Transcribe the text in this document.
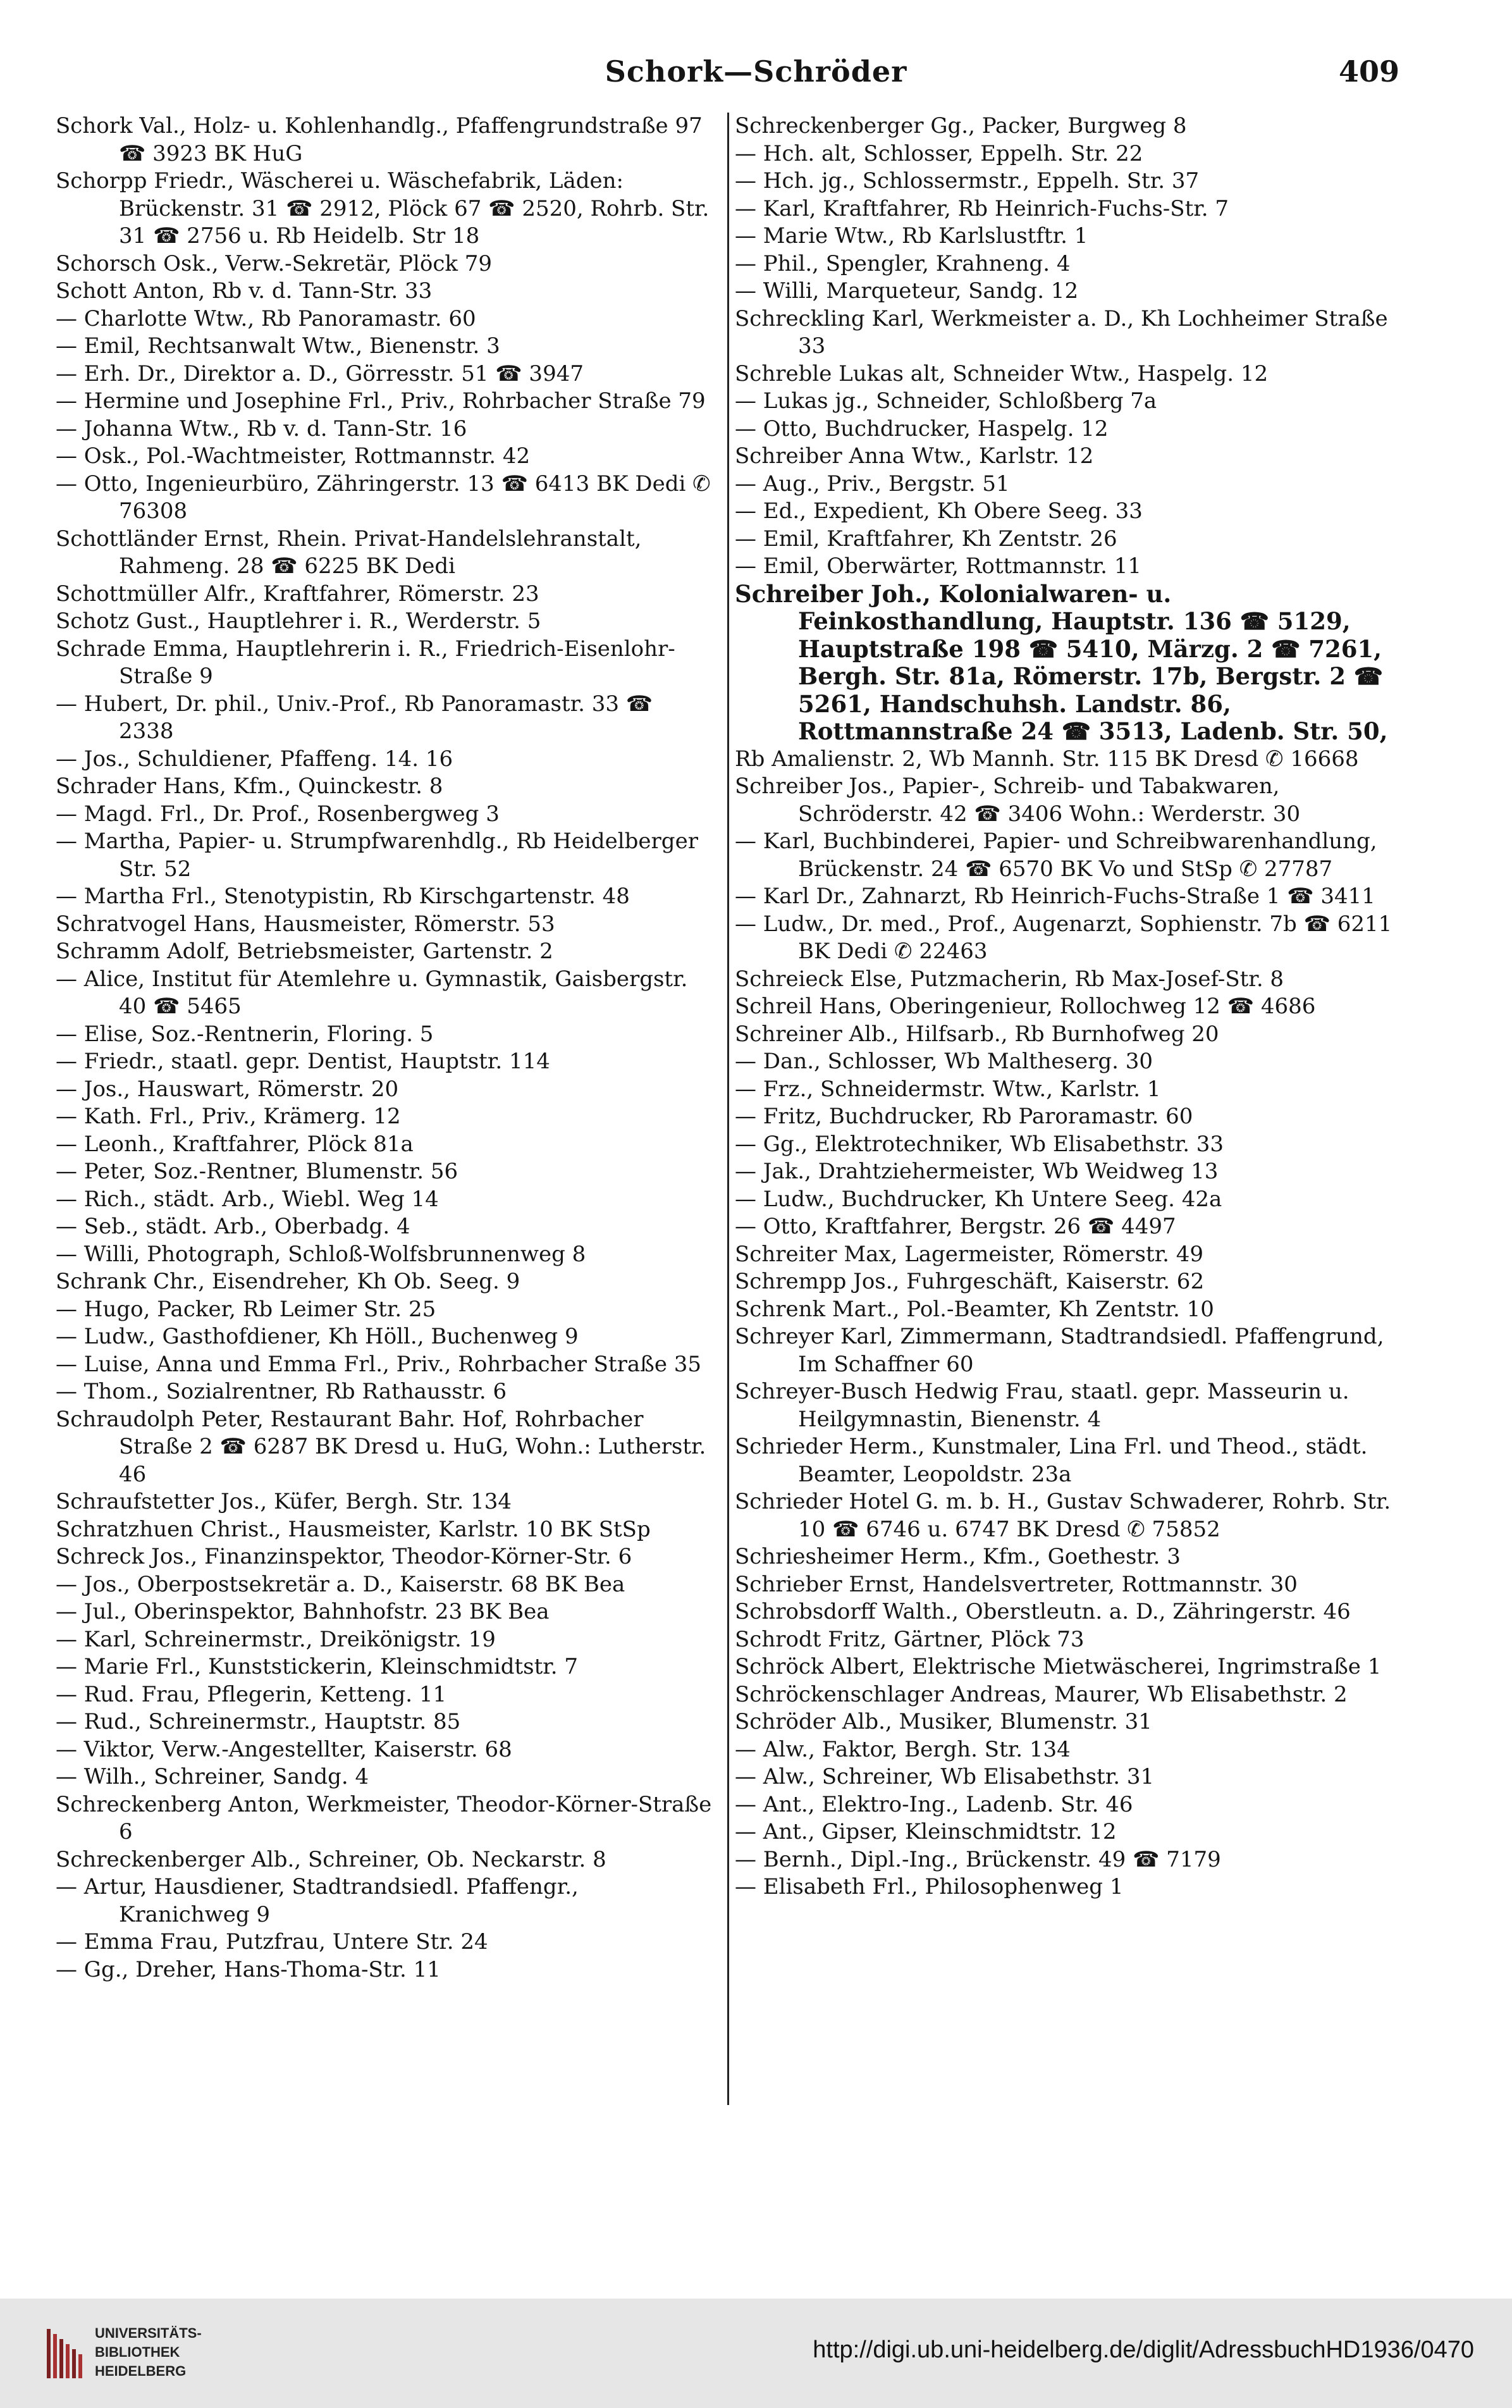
Schork—Schröder	409

Schork Val., Holz- u. Kohlenhandlg., Pfaffengrundstraße 97 ☎ 3923 BK HuG

Schorpp Friedr., Wäscherei u. Wäschefabrik, Läden: Brückenstr. 31 ☎ 2912, Plöck 67 ☎ 2520, Rohrb. Str. 31 ☎ 2756 u. Rb Heidelb. Str 18

Schorsch Osk., Verw.-Sekretär, Plöck 79

Schott Anton, Rb v. d. Tann-Str. 33

— Charlotte Wtw., Rb Panoramastr. 60

— Emil, Rechtsanwalt Wtw., Bienenstr. 3

— Erh. Dr., Direktor a. D., Görresstr. 51 ☎ 3947

— Hermine und Josephine Frl., Priv., Rohrbacher Straße 79

— Johanna Wtw., Rb v. d. Tann-Str. 16

— Osk., Pol.-Wachtmeister, Rottmannstr. 42

— Otto, Ingenieurbüro, Zähringerstr. 13 ☎ 6413 BK Dedi ✆ 76308

Schottländer Ernst, Rhein. Privat-Handelslehranstalt, Rahmeng. 28 ☎ 6225 BK Dedi

Schottmüller Alfr., Kraftfahrer, Römerstr. 23

Schotz Gust., Hauptlehrer i. R., Werderstr. 5

Schrade Emma, Hauptlehrerin i. R., Friedrich-Eisenlohr-Straße 9

— Hubert, Dr. phil., Univ.-Prof., Rb Panoramastr. 33 ☎ 2338

— Jos., Schuldiener, Pfaffeng. 14. 16

Schrader Hans, Kfm., Quinckestr. 8

— Magd. Frl., Dr. Prof., Rosenbergweg 3

— Martha, Papier- u. Strumpfwarenhdlg., Rb Heidelberger Str. 52

— Martha Frl., Stenotypistin, Rb Kirschgartenstr. 48

Schratvogel Hans, Hausmeister, Römerstr. 53

Schramm Adolf, Betriebsmeister, Gartenstr. 2

— Alice, Institut für Atemlehre u. Gymnastik, Gaisbergstr. 40 ☎ 5465

— Elise, Soz.-Rentnerin, Floring. 5

— Friedr., staatl. gepr. Dentist, Hauptstr. 114

— Jos., Hauswart, Römerstr. 20

— Kath. Frl., Priv., Krämerg. 12

— Leonh., Kraftfahrer, Plöck 81a

— Peter, Soz.-Rentner, Blumenstr. 56

— Rich., städt. Arb., Wiebl. Weg 14

— Seb., städt. Arb., Oberbadg. 4

— Willi, Photograph, Schloß-Wolfsbrunnenweg 8

Schrank Chr., Eisendreher, Kh Ob. Seeg. 9

— Hugo, Packer, Rb Leimer Str. 25

— Ludw., Gasthofdiener, Kh Höll., Buchenweg 9

— Luise, Anna und Emma Frl., Priv., Rohrbacher Straße 35

— Thom., Sozialrentner, Rb Rathausstr. 6

Schraudolph Peter, Restaurant Bahr. Hof, Rohrbacher Straße 2 ☎ 6287 BK Dresd u. HuG, Wohn.: Lutherstr. 46

Schraufstetter Jos., Küfer, Bergh. Str. 134

Schratzhuen Christ., Hausmeister, Karlstr. 10 BK StSp

Schreck Jos., Finanzinspektor, Theodor-Körner-Str. 6

— Jos., Oberpostsekretär a. D., Kaiserstr. 68 BK Bea

— Jul., Oberinspektor, Bahnhofstr. 23 BK Bea

— Karl, Schreinermstr., Dreikönigstr. 19

— Marie Frl., Kunststickerin, Kleinschmidtstr. 7

— Rud. Frau, Pflegerin, Ketteng. 11

— Rud., Schreinermstr., Hauptstr. 85

— Viktor, Verw.-Angestellter, Kaiserstr. 68

— Wilh., Schreiner, Sandg. 4

Schreckenberg Anton, Werkmeister, Theodor-Körner-Straße 6

Schreckenberger Alb., Schreiner, Ob. Neckarstr. 8

— Artur, Hausdiener, Stadtrandsiedl. Pfaffengr., Kranichweg 9

— Emma Frau, Putzfrau, Untere Str. 24

— Gg., Dreher, Hans-Thoma-Str. 11

Schreckenberger Gg., Packer, Burgweg 8

— Hch. alt, Schlosser, Eppelh. Str. 22

— Hch. jg., Schlossermstr., Eppelh. Str. 37

— Karl, Kraftfahrer, Rb Heinrich-Fuchs-Str. 7

— Marie Wtw., Rb Karlslustftr. 1

— Phil., Spengler, Krahneng. 4

— Willi, Marqueteur, Sandg. 12

Schreckling Karl, Werkmeister a. D., Kh Lochheimer Straße 33

Schreble Lukas alt, Schneider Wtw., Haspelg. 12

— Lukas jg., Schneider, Schloßberg 7a

— Otto, Buchdrucker, Haspelg. 12

Schreiber Anna Wtw., Karlstr. 12

— Aug., Priv., Bergstr. 51

— Ed., Expedient, Kh Obere Seeg. 33

— Emil, Kraftfahrer, Kh Zentstr. 26

— Emil, Oberwärter, Rottmannstr. 11

Schreiber Joh., Kolonialwaren- u. Feinkosthandlung, Hauptstr. 136 ☎ 5129, Hauptstraße 198 ☎ 5410, Märzg. 2 ☎ 7261, Bergh. Str. 81a, Römerstr. 17b, Bergstr. 2 ☎ 5261, Handschuhsh. Landstr. 86, Rottmannstraße 24 ☎ 3513, Ladenb. Str. 50,

Rb Amalienstr. 2, Wb Mannh. Str. 115 BK Dresd ✆ 16668

Schreiber Jos., Papier-, Schreib- und Tabakwaren, Schröderstr. 42 ☎ 3406 Wohn.: Werderstr. 30

— Karl, Buchbinderei, Papier- und Schreibwarenhandlung, Brückenstr. 24 ☎ 6570 BK Vo und StSp ✆ 27787

— Karl Dr., Zahnarzt, Rb Heinrich-Fuchs-Straße 1 ☎ 3411

— Ludw., Dr. med., Prof., Augenarzt, Sophienstr. 7b ☎ 6211 BK Dedi ✆ 22463

Schreieck Else, Putzmacherin, Rb Max-Josef-Str. 8

Schreil Hans, Oberingenieur, Rollochweg 12 ☎ 4686

Schreiner Alb., Hilfsarb., Rb Burnhofweg 20

— Dan., Schlosser, Wb Maltheserg. 30

— Frz., Schneidermstr. Wtw., Karlstr. 1

— Fritz, Buchdrucker, Rb Paroramastr. 60

— Gg., Elektrotechniker, Wb Elisabethstr. 33

— Jak., Drahtziehermeister, Wb Weidweg 13

— Ludw., Buchdrucker, Kh Untere Seeg. 42a

— Otto, Kraftfahrer, Bergstr. 26 ☎ 4497

Schreiter Max, Lagermeister, Römerstr. 49

Schrempp Jos., Fuhrgeschäft, Kaiserstr. 62

Schrenk Mart., Pol.-Beamter, Kh Zentstr. 10

Schreyer Karl, Zimmermann, Stadtrandsiedl. Pfaffengrund, Im Schaffner 60

Schreyer-Busch Hedwig Frau, staatl. gepr. Masseurin u. Heilgymnastin, Bienenstr. 4

Schrieder Herm., Kunstmaler, Lina Frl. und Theod., städt. Beamter, Leopoldstr. 23a

Schrieder Hotel G. m. b. H., Gustav Schwaderer, Rohrb. Str. 10 ☎ 6746 u. 6747 BK Dresd ✆ 75852

Schriesheimer Herm., Kfm., Goethestr. 3

Schrieber Ernst, Handelsvertreter, Rottmannstr. 30

Schrobsdorff Walth., Oberstleutn. a. D., Zähringerstr. 46

Schrodt Fritz, Gärtner, Plöck 73

Schröck Albert, Elektrische Mietwäscherei, Ingrimstraße 1

Schröckenschlager Andreas, Maurer, Wb Elisabethstr. 2

Schröder Alb., Musiker, Blumenstr. 31

— Alw., Faktor, Bergh. Str. 134

— Alw., Schreiner, Wb Elisabethstr. 31

— Ant., Elektro-Ing., Ladenb. Str. 46

— Ant., Gipser, Kleinschmidtstr. 12

— Bernh., Dipl.-Ing., Brückenstr. 49 ☎ 7179

— Elisabeth Frl., Philosophenweg 1

UNIVERSITÄTS-
BIBLIOTHEK
HEIDELBERG
http://digi.ub.uni-heidelberg.de/diglit/AdressbuchHD1936/0470
